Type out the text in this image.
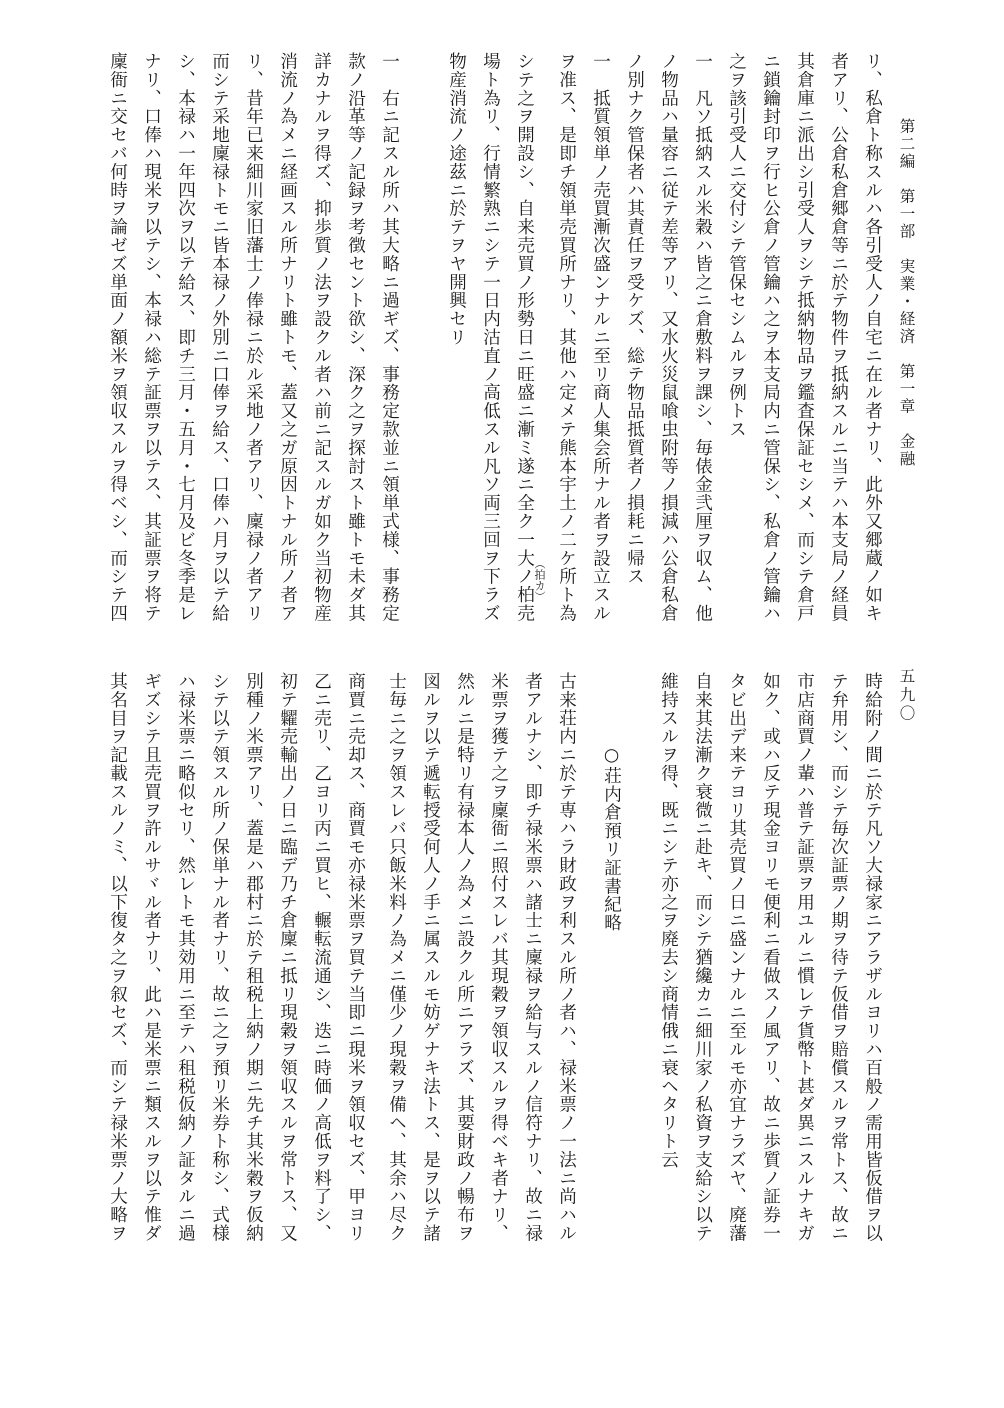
第二編　第一部　実業・経済　第一章　金融
五九〇
リ、私倉ト称スルハ各引受人ノ自宅ニ在ル者ナリ、此外又郷蔵ノ如キ
者アリ、公倉私倉郷倉等ニ於テ物件ヲ抵納スルニ当テハ本支局ノ経員
其倉庫ニ派出シ引受人ヲシテ抵納物品ヲ鑑査保証セシメ、而シテ倉戸
ニ鎖鑰封印ヲ行ヒ公倉ノ管鑰ハ之ヲ本支局内ニ管保シ、私倉ノ管鑰ハ
之ヲ該引受人ニ交付シテ管保セシムルヲ例トス
一　凡ソ抵納スル米穀ハ皆之ニ倉敷料ヲ課シ、毎俵金弐厘ヲ収ム、他
ノ物品ハ量容ニ従テ差等アリ、又水火災鼠喰虫附等ノ損減ハ公倉私倉
ノ別ナク管保者ハ其責任ヲ受ケズ、総テ物品抵質者ノ損耗ニ帰ス
一　抵質領単ノ売買漸次盛ンナルニ至リ商人集会所ナル者ヲ設立スル
ヲ准ス、是即チ領単売買所ナリ、其他ハ定メテ熊本宇土ノ二ケ所ト為
シテ之ヲ開設シ、自来売買ノ形勢日ニ旺盛ニ漸ミ遂ニ全ク一大ノ柏売
場ト為リ、行情繁熟ニシテ一日内沽直ノ高低スル凡ソ両三回ヲ下ラズ
物産消流ノ途茲ニ於テヲヤ開興セリ
一　右ニ記スル所ハ其大略ニ過ギズ、事務定款並ニ領単式様、事務定
款ノ沿革等ノ記録ヲ考徴セント欲シ、深ク之ヲ探討スト雖トモ未ダ其
詳カナルヲ得ズ、抑歩質ノ法ヲ設クル者ハ前ニ記スルガ如ク当初物産
消流ノ為メニ経画スル所ナリト雖トモ、蓋又之ガ原因トナル所ノ者ア
リ、昔年已来細川家旧藩士ノ俸禄ニ於ル采地ノ者アリ、廩禄ノ者アリ
而シテ采地廩禄トモニ皆本禄ノ外別ニ口俸ヲ給ス、口俸ハ月ヲ以テ給
シ、本禄ハ一年四次ヲ以テ給ス、即チ三月・五月・七月及ビ冬季是レ
ナリ、口俸ハ現米ヲ以テシ、本禄ハ総テ証票ヲ以テス、其証票ヲ将テ
廩衙ニ交セバ何時ヲ論ゼズ単面ノ額米ヲ領収スルヲ得ベシ、而シテ四	（拍カ）
時給附ノ間ニ於テ凡ソ大禄家ニアラザルヨリハ百般ノ需用皆仮借ヲ以
テ弁用シ、而シテ毎次証票ノ期ヲ待テ仮借ヲ賠償スルヲ常トス、故ニ
市店商賈ノ輩ハ普テ証票ヲ用ユルニ慣レテ貨幣ト甚ダ異ニスルナキガ
如ク、或ハ反テ現金ヨリモ便利ニ看做スノ風アリ、故ニ歩質ノ証券一
タビ出デ来テヨリ其売買ノ日ニ盛ンナルニ至ルモ亦宜ナラズヤ、廃藩
自来其法漸ク衰微ニ赴キ、而シテ猶纔カニ細川家ノ私資ヲ支給シ以テ
維持スルヲ得、既ニシテ亦之ヲ廃去シ商情俄ニ衰ヘタリト云
　　　　○荘内倉預リ証書紀略
古来荘内ニ於テ専ハラ財政ヲ利スル所ノ者ハ、禄米票ノ一法ニ尚ハル
者アルナシ、即チ禄米票ハ諸士ニ廩禄ヲ給与スルノ信符ナリ、故ニ禄
米票ヲ獲テ之ヲ廩衙ニ照付スレバ其現穀ヲ領収スルヲ得ベキ者ナリ、
然ルニ是特リ有禄本人ノ為メニ設クル所ニアラズ、其要財政ノ暢布ヲ
図ルヲ以テ遞転授受何人ノ手ニ属スルモ妨ゲナキ法トス、是ヲ以テ諸
士毎ニ之ヲ領スレバ只飯米料ノ為メニ僅少ノ現穀ヲ備ヘ、其余ハ尽ク
商賈ニ売却ス、商賈モ亦禄米票ヲ買テ当即ニ現米ヲ領収セズ、甲ヨリ
乙ニ売リ、乙ヨリ丙ニ買ヒ、輾転流通シ、迭ニ時価ノ高低ヲ料了シ、
初テ糶売輸出ノ日ニ臨デ乃チ倉廩ニ抵リ現穀ヲ領収スルヲ常トス、又
別種ノ米票アリ、蓋是ハ郡村ニ於テ租税上納ノ期ニ先チ其米穀ヲ仮納
シテ以テ領スル所ノ保単ナル者ナリ、故ニ之ヲ預リ米券ト称シ、式様
ハ禄米票ニ略似セリ、然レトモ其効用ニ至テハ租税仮納ノ証タルニ過
ギズシテ且売買ヲ許ルサヾル者ナリ、此ハ是米票ニ類スルヲ以テ惟ダ
其名目ヲ記載スルノミ、以下復タ之ヲ叙セズ、而シテ禄米票ノ大略ヲ
